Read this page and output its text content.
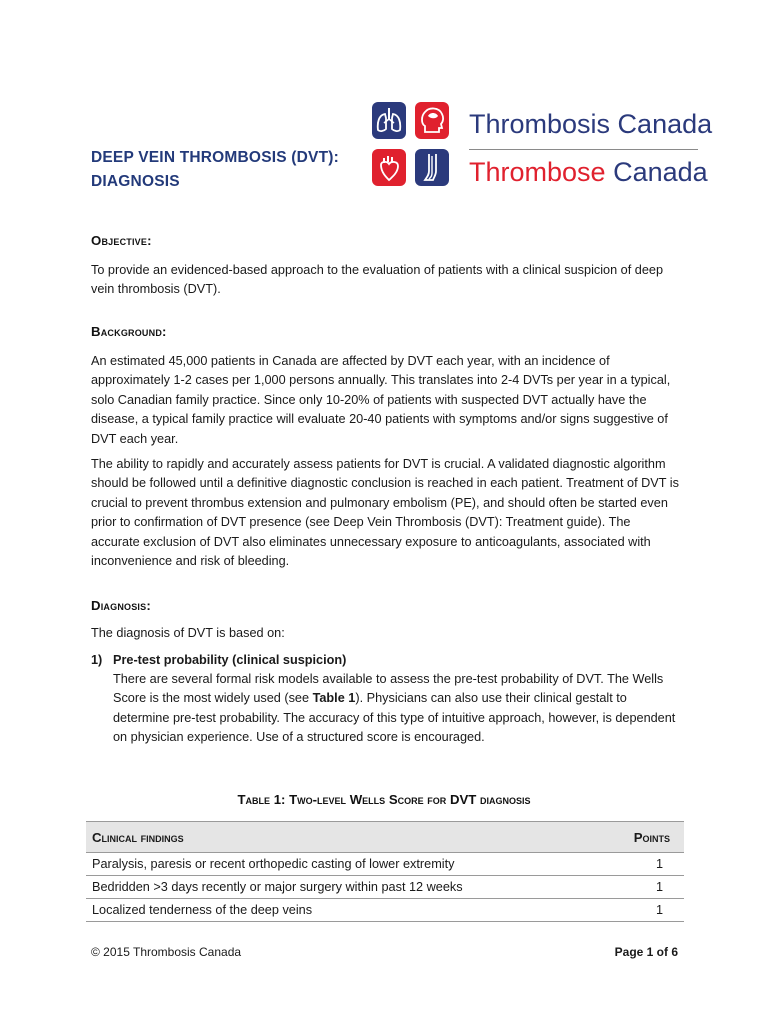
DEEP VEIN THROMBOSIS (DVT):
DIAGNOSIS
Thrombosis Canada
Thrombose Canada
Objective:
To provide an evidenced-based approach to the evaluation of patients with a clinical suspicion of deep vein thrombosis (DVT).
Background:
An estimated 45,000 patients in Canada are affected by DVT each year, with an incidence of approximately 1-2 cases per 1,000 persons annually. This translates into 2-4 DVTs per year in a typical, solo Canadian family practice. Since only 10-20% of patients with suspected DVT actually have the disease, a typical family practice will evaluate 20-40 patients with symptoms and/or signs suggestive of DVT each year.
The ability to rapidly and accurately assess patients for DVT is crucial. A validated diagnostic algorithm should be followed until a definitive diagnostic conclusion is reached in each patient. Treatment of DVT is crucial to prevent thrombus extension and pulmonary embolism (PE), and should often be started even prior to confirmation of DVT presence (see Deep Vein Thrombosis (DVT): Treatment guide). The accurate exclusion of DVT also eliminates unnecessary exposure to anticoagulants, associated with inconvenience and risk of bleeding.
Diagnosis:
The diagnosis of DVT is based on:
1) Pre-test probability (clinical suspicion)
There are several formal risk models available to assess the pre-test probability of DVT. The Wells Score is the most widely used (see Table 1). Physicians can also use their clinical gestalt to determine pre-test probability. The accuracy of this type of intuitive approach, however, is dependent on physician experience. Use of a structured score is encouraged.
Table 1: Two-level Wells Score for DVT diagnosis
Clinical findings	Points
Paralysis, paresis or recent orthopedic casting of lower extremity	1
Bedridden >3 days recently or major surgery within past 12 weeks	1
Localized tenderness of the deep veins	1
© 2015 Thrombosis Canada	Page 1 of 6
